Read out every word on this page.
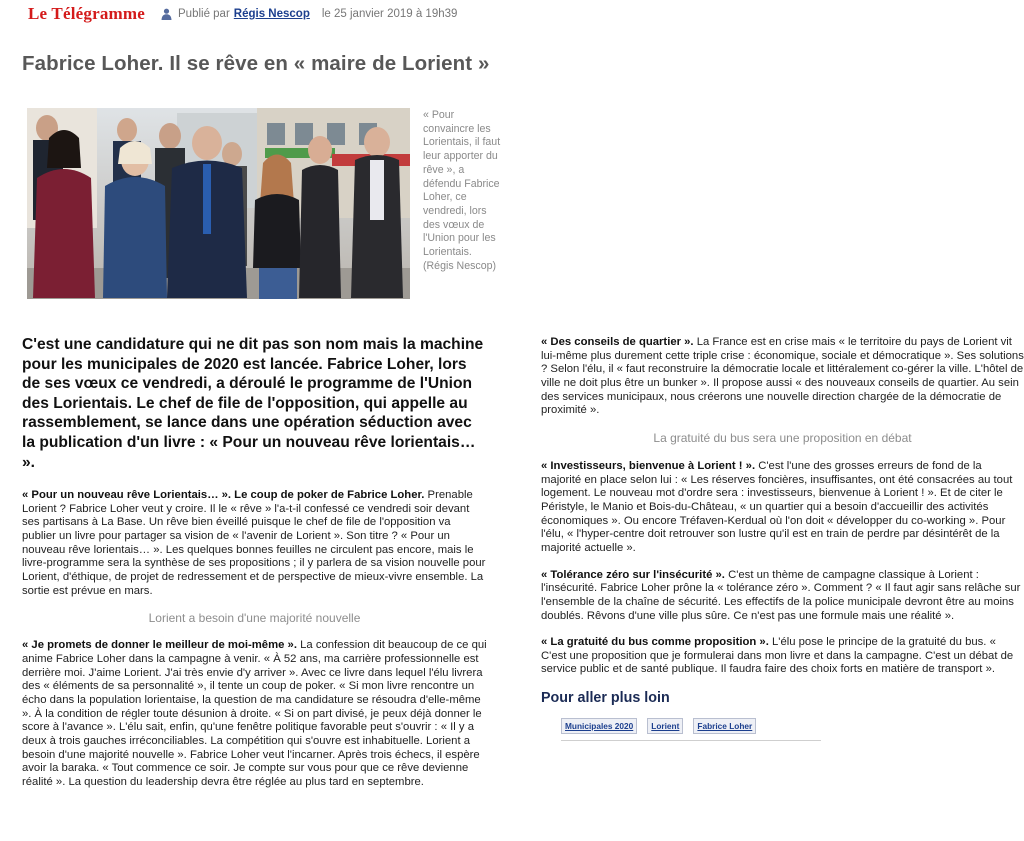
Le Télégramme	Publié par Régis Nescop le 25 janvier 2019 à 19h39
Fabrice Loher. Il se rêve en « maire de Lorient »
« Pour convaincre les Lorientais, il faut leur apporter du rêve », a défendu Fabrice Loher, ce vendredi, lors des vœux de l'Union pour les Lorientais. (Régis Nescop)

C'est une candidature qui ne dit pas son nom mais la machine pour les municipales de 2020 est lancée. Fabrice Loher, lors de ses vœux ce vendredi, a déroulé le programme de l'Union des Lorientais. Le chef de file de l'opposition, qui appelle au rassemblement, se lance dans une opération séduction avec la publication d'un livre : « Pour un nouveau rêve lorientais… ».

« Pour un nouveau rêve Lorientais… ». Le coup de poker de Fabrice Loher. Prenable Lorient ? Fabrice Loher veut y croire. Il le « rêve » l'a-t-il confessé ce vendredi soir devant ses partisans à La Base. Un rêve bien éveillé puisque le chef de file de l'opposition va publier un livre pour partager sa vision de « l'avenir de Lorient ». Son titre ? « Pour un nouveau rêve lorientais… ». Les quelques bonnes feuilles ne circulent pas encore, mais le livre-programme sera la synthèse de ses propositions ; il y parlera de sa vision nouvelle pour Lorient, d'éthique, de projet de redressement et de perspective de mieux-vivre ensemble. La sortie est prévue en mars.

Lorient a besoin d'une majorité nouvelle

« Je promets de donner le meilleur de moi-même ». La confession dit beaucoup de ce qui anime Fabrice Loher dans la campagne à venir. « À 52 ans, ma carrière professionnelle est derrière moi. J'aime Lorient. J'ai très envie d'y arriver ». Avec ce livre dans lequel l'élu livrera des « éléments de sa personnalité », il tente un coup de poker. « Si mon livre rencontre un écho dans la population lorientaise, la question de ma candidature se résoudra d'elle-même ». À la condition de régler toute désunion à droite. « Si on part divisé, je peux déjà donner le score à l'avance ». L'élu sait, enfin, qu'une fenêtre politique favorable peut s'ouvrir : « Il y a deux à trois gauches irréconciliables. La compétition qui s'ouvre est inhabituelle. Lorient a besoin d'une majorité nouvelle ». Fabrice Loher veut l'incarner. Après trois échecs, il espère avoir la baraka. « Tout commence ce soir. Je compte sur vous pour que ce rêve devienne réalité ». La question du leadership devra être réglée au plus tard en septembre.

« Des conseils de quartier ». La France est en crise mais « le territoire du pays de Lorient vit lui-même plus durement cette triple crise : économique, sociale et démocratique ». Ses solutions ? Selon l'élu, il « faut reconstruire la démocratie locale et littéralement co-gérer la ville. L'hôtel de ville ne doit plus être un bunker ». Il propose aussi « des nouveaux conseils de quartier. Au sein des services municipaux, nous créerons une nouvelle direction chargée de la démocratie de proximité ».

La gratuité du bus sera une proposition en débat

« Investisseurs, bienvenue à Lorient ! ». C'est l'une des grosses erreurs de fond de la majorité en place selon lui : « Les réserves foncières, insuffisantes, ont été consacrées au tout logement. Le nouveau mot d'ordre sera : investisseurs, bienvenue à Lorient ! ». Et de citer le Péristyle, le Manio et Bois-du-Château, « un quartier qui a besoin d'accueillir des activités économiques ». Ou encore Tréfaven-Kerdual où l'on doit « développer du co-working ». Pour l'élu, « l'hyper-centre doit retrouver son lustre qu'il est en train de perdre par désintérêt de la majorité actuelle ».

« Tolérance zéro sur l'insécurité ». C'est un thème de campagne classique à Lorient : l'insécurité. Fabrice Loher prône la « tolérance zéro ». Comment ? « Il faut agir sans relâche sur l'ensemble de la chaîne de sécurité. Les effectifs de la police municipale devront être au moins doublés. Rêvons d'une ville plus sûre. Ce n'est pas une formule mais une réalité ».

« La gratuité du bus comme proposition ». L'élu pose le principe de la gratuité du bus. « C'est une proposition que je formulerai dans mon livre et dans la campagne. C'est un débat de service public et de santé publique. Il faudra faire des choix forts en matière de transport ».

Pour aller plus loin
Municipales 2020	Lorient	Fabrice Loher
